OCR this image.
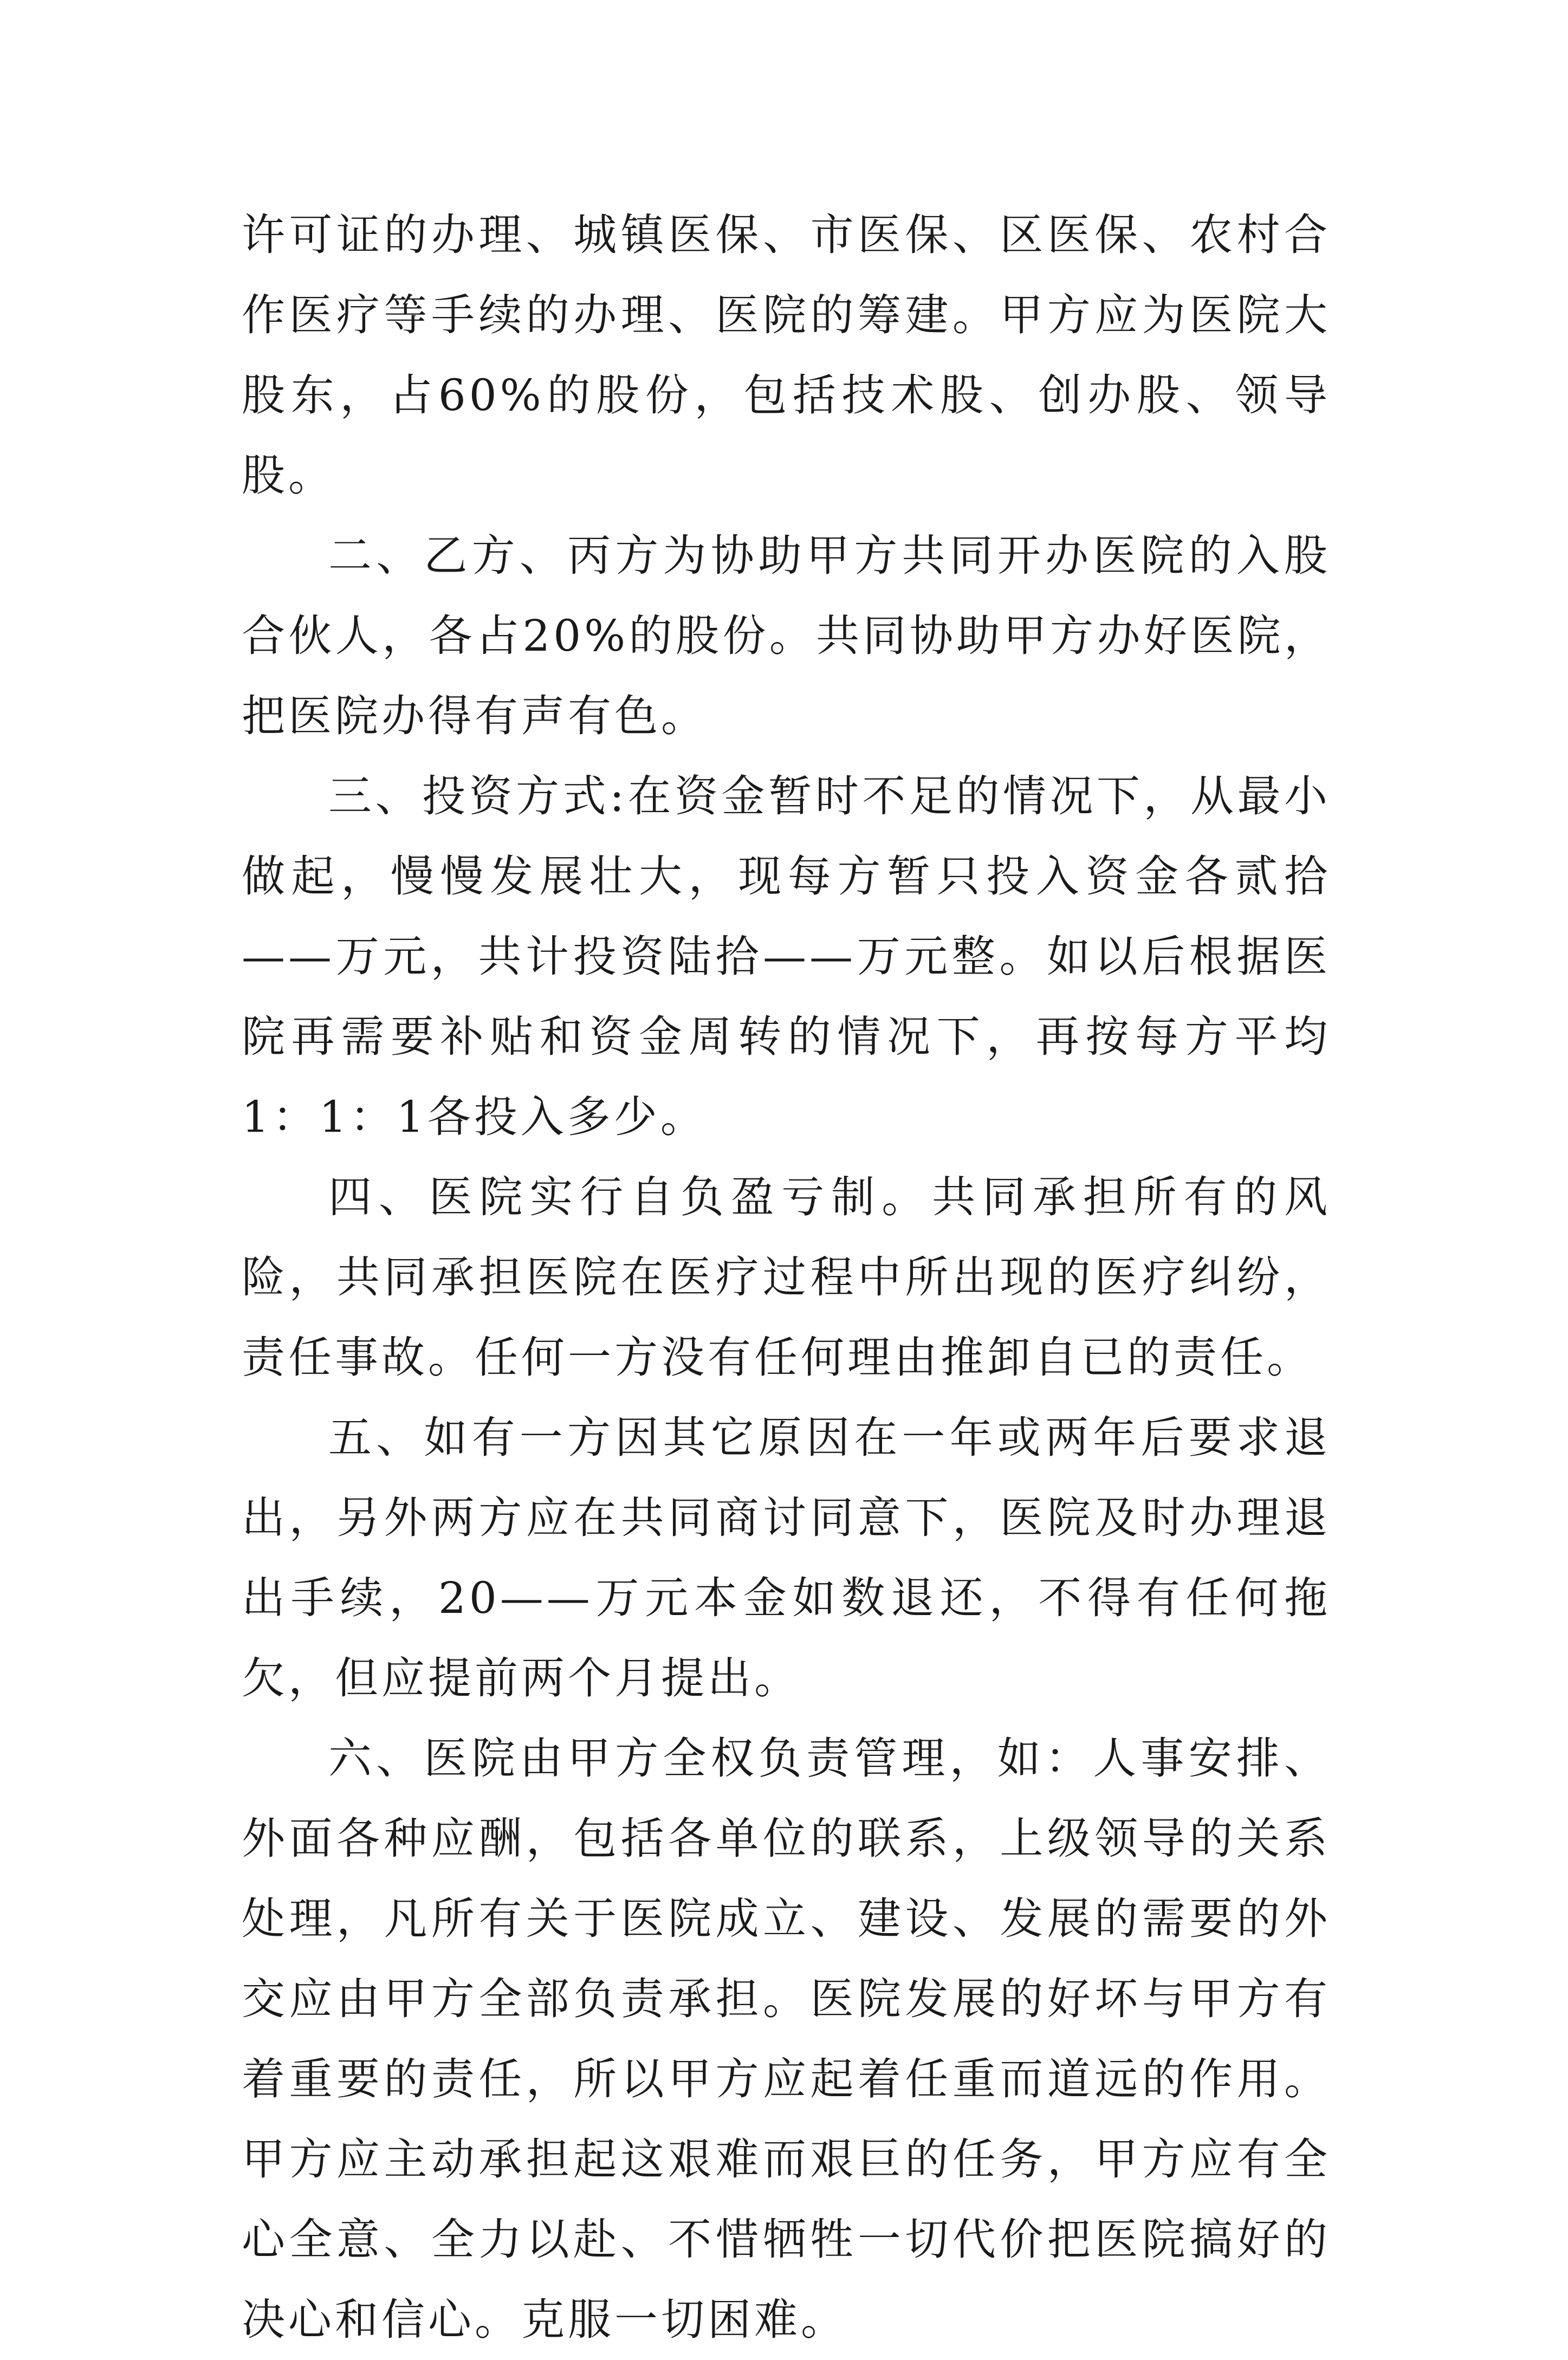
许可证的办理、城镇医保、市医保、区医保、农村合作医疗等手续的办理、医院的筹建。甲方应为医院大股东，占60%的股份，包括技术股、创办股、领导股。

二、乙方、丙方为协助甲方共同开办医院的入股合伙人，各占20%的股份。共同协助甲方办好医院，把医院办得有声有色。

三、投资方式:在资金暂时不足的情况下，从最小做起，慢慢发展壮大，现每方暂只投入资金各贰拾——万元，共计投资陆拾——万元整。如以后根据医院再需要补贴和资金周转的情况下，再按每方平均1：1：1各投入多少。

四、医院实行自负盈亏制。共同承担所有的风险，共同承担医院在医疗过程中所出现的医疗纠纷，责任事故。任何一方没有任何理由推卸自已的责任。

五、如有一方因其它原因在一年或两年后要求退出，另外两方应在共同商讨同意下，医院及时办理退出手续，20——万元本金如数退还，不得有任何拖欠，但应提前两个月提出。

六、医院由甲方全权负责管理，如：人事安排、外面各种应酬，包括各单位的联系，上级领导的关系处理，凡所有关于医院成立、建设、发展的需要的外交应由甲方全部负责承担。医院发展的好坏与甲方有着重要的责任，所以甲方应起着任重而道远的作用。甲方应主动承担起这艰难而艰巨的任务，甲方应有全心全意、全力以赴、不惜牺牲一切代价把医院搞好的决心和信心。克服一切困难。
